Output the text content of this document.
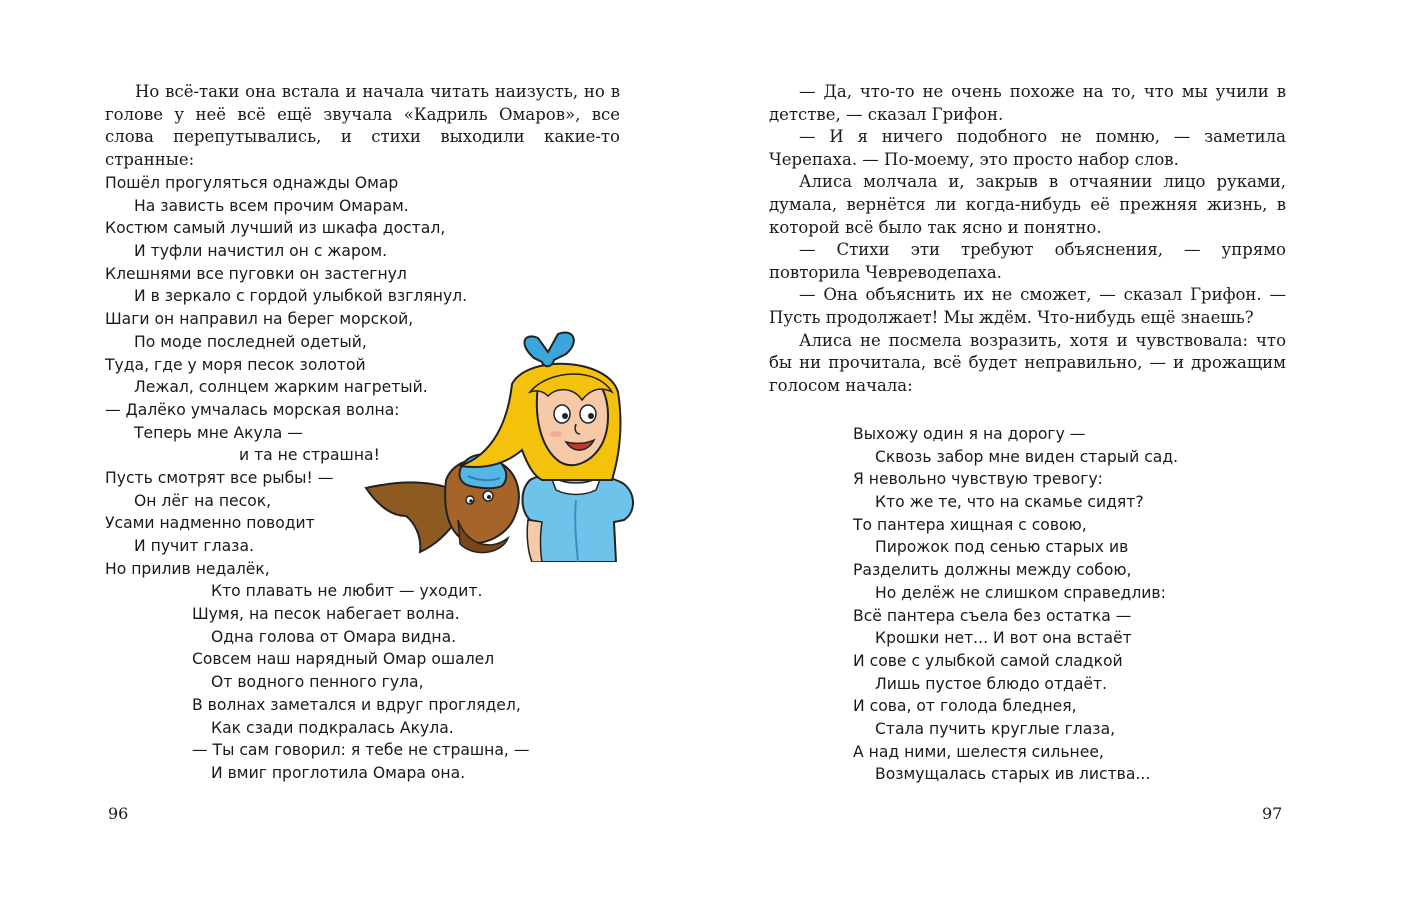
Но всё-таки она встала и начала читать наизусть, но в голове у неё всё ещё звучала «Кадриль Омаров», все слова перепутывались, и стихи выходили какие-то странные:

Пошёл прогуляться однажды Омар
На зависть всем прочим Омарам.
Костюм самый лучший из шкафа достал,
И туфли начистил он с жаром.
Клешнями все пуговки он застегнул
И в зеркало с гордой улыбкой взглянул.
Шаги он направил на берег морской,
По моде последней одетый,
Туда, где у моря песок золотой
Лежал, солнцем жарким нагретый.
— Далёко умчалась морская волна:
Теперь мне Акула —
и та не страшна!
Пусть смотрят все рыбы! —
Он лёг на песок,
Усами надменно поводит
И пучит глаза.
Но прилив недалёк,
Кто плавать не любит — уходит.
Шумя, на песок набегает волна.
Одна голова от Омара видна.
Совсем наш нарядный Омар ошалел
От водного пенного гула,
В волнах заметался и вдруг проглядел,
Как сзади подкралась Акула.
— Ты сам говорил: я тебе не страшна, —
И вмиг проглотила Омара она.
96

— Да, что-то не очень похоже на то, что мы учили в детстве, — сказал Грифон.

— И я ничего подобного не помню, — заметила Черепаха. — По-моему, это просто набор слов.

Алиса молчала и, закрыв в отчаянии лицо руками, думала, вернётся ли когда-нибудь её прежняя жизнь, в которой всё было так ясно и понятно.

— Стихи эти требуют объяснения, — упрямо повторила Чевреводепаха.

— Она объяснить их не сможет, — сказал Грифон. — Пусть продолжает! Мы ждём. Что-нибудь ещё знаешь?

Алиса не посмела возразить, хотя и чувствовала: что бы ни прочитала, всё будет неправильно, — и дрожащим голосом начала:

Выхожу один я на дорогу —
Сквозь забор мне виден старый сад.
Я невольно чувствую тревогу:
Кто же те, что на скамье сидят?
То пантера хищная с совою,
Пирожок под сенью старых ив
Разделить должны между собою,
Но делёж не слишком справедлив:
Всё пантера съела без остатка —
Крошки нет... И вот она встаёт
И сове с улыбкой самой сладкой
Лишь пустое блюдо отдаёт.
И сова, от голода бледнея,
Стала пучить круглые глаза,
А над ними, шелестя сильнее,
Возмущалась старых ив листва...
97
